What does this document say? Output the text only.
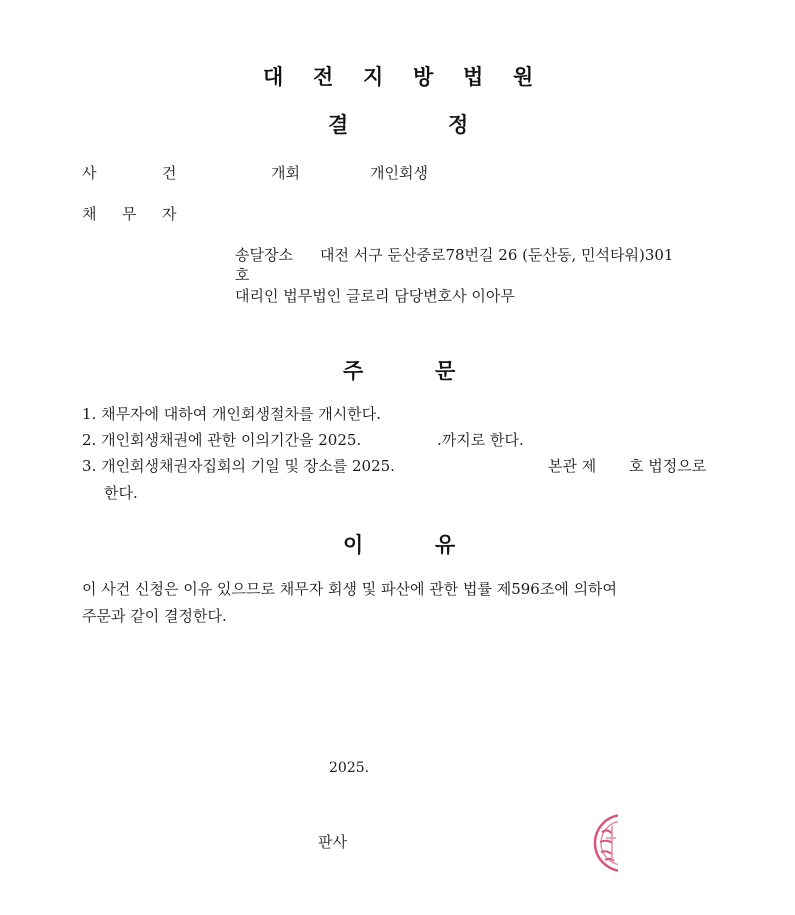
대 전 지 방 법 원
결	정
사	건	개회	개인회생
채 무 자
송달장소 대전 서구 둔산중로78번길 26 (둔산동, 민석타워)301
호
대리인 법무법인 글로리 담당변호사 이아무
주	문
1. 채무자에 대하여 개인회생절차를 개시한다.
2. 개인회생채권에 관한 이의기간을 2025.	.까지로 한다.
3. 개인회생채권자집회의 기일 및 장소를 2025.	본관 제 호 법정으로
한다.
이	유
이 사건 신청은 이유 있으므로 채무자 회생 및 파산에 관한 법률 제596조에 의하여
주문과 같이 결정한다.
2025.
판사
